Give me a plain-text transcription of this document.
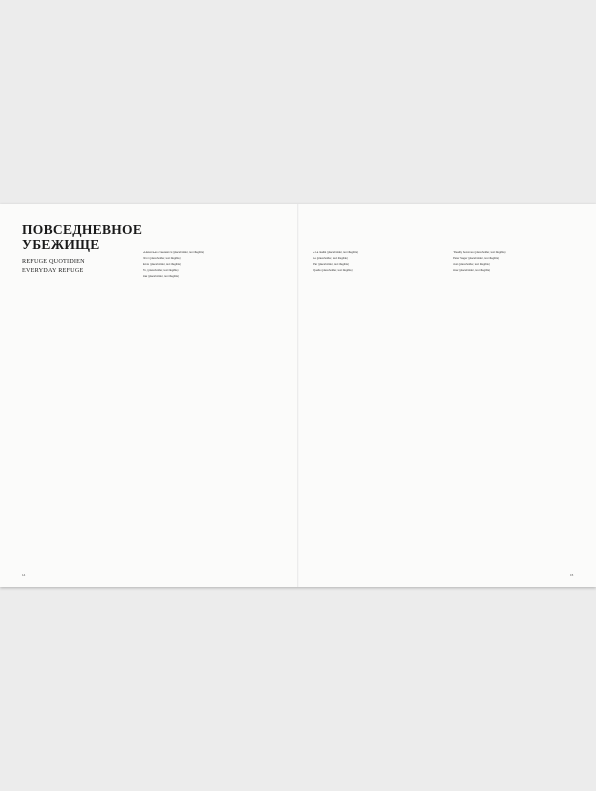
ПОВСЕДНЕВНОЕ
УБЕЖИЩЕ
REFUGE QUOTIDIEN
EVERYDAY REFUGE

«Насколько становится (placeholder, text illegible)

Этот (placeholder, text illegible)

Если (placeholder, text illegible)

То, (placeholder, text illegible)

Как (placeholder, text illegible)

« La réalité (placeholder, text illegible)

Le (placeholder, text illegible)

Par (placeholder, text illegible)

Quelle (placeholder, text illegible)

“Reality becomes (placeholder, text illegible)

Peter Sager (placeholder, text illegible)

Just (placeholder, text illegible)

How (placeholder, text illegible)

14	15
